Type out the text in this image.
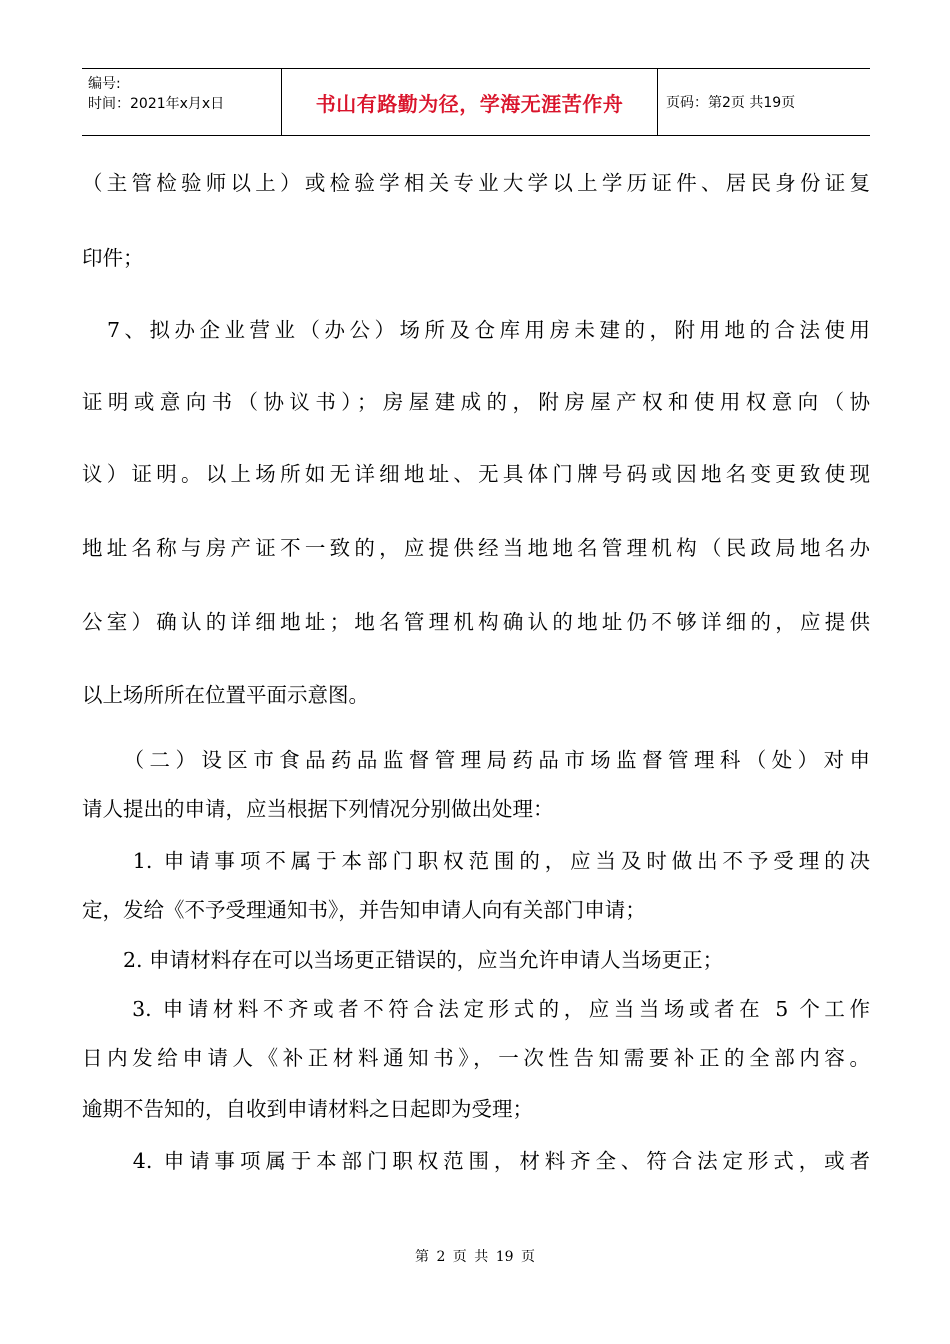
编号:
时间：2021年x月x日	书山有路勤为径，学海无涯苦作舟	页码：第2页 共19页
（主管检验师以上）或检验学相关专业大学以上学历证件、居民身份证复
印件；
　7、拟办企业营业（办公）场所及仓库用房未建的，附用地的合法使用
证明或意向书（协议书）；房屋建成的，附房屋产权和使用权意向（协
议）证明。以上场所如无详细地址、无具体门牌号码或因地名变更致使现
地址名称与房产证不一致的，应提供经当地地名管理机构（民政局地名办
公室）确认的详细地址；地名管理机构确认的地址仍不够详细的，应提供
以上场所所在位置平面示意图。
　　（二）设区市食品药品监督管理局药品市场监督管理科（处）对申
请人提出的申请，应当根据下列情况分别做出处理：
　　1. 申请事项不属于本部门职权范围的，应当及时做出不予受理的决
定，发给《不予受理通知书》，并告知申请人向有关部门申请；
　　2. 申请材料存在可以当场更正错误的，应当允许申请人当场更正；
　　3. 申请材料不齐或者不符合法定形式的，应当当场或者在 5 个工作
日内发给申请人《补正材料通知书》，一次性告知需要补正的全部内容。
逾期不告知的，自收到申请材料之日起即为受理；
　　4. 申请事项属于本部门职权范围，材料齐全、符合法定形式，或者
第 2 页 共 19 页
